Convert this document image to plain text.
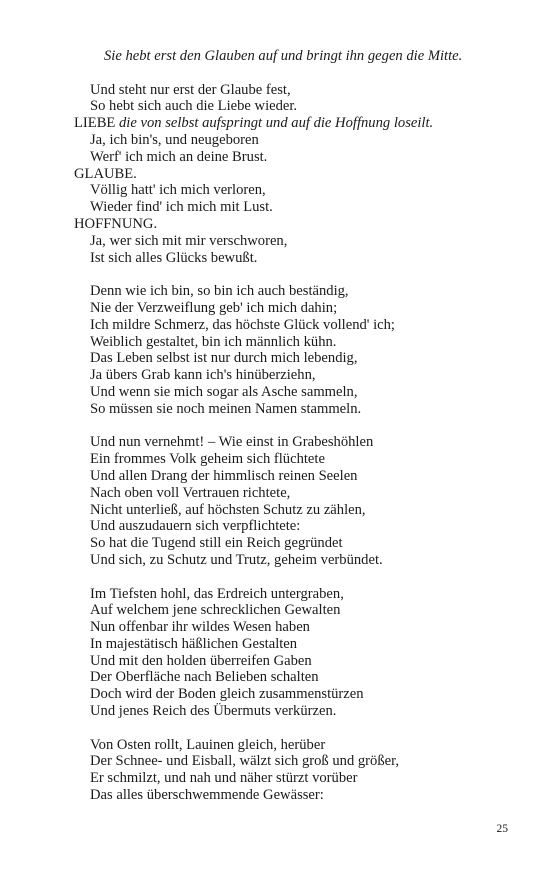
Sie hebt erst den Glauben auf und bringt ihn gegen die Mitte.
Und steht nur erst der Glaube fest,
So hebt sich auch die Liebe wieder.
LIEBE die von selbst aufspringt und auf die Hoffnung loseilt.
Ja, ich bin's, und neugeboren
Werf' ich mich an deine Brust.
GLAUBE.
Völlig hatt' ich mich verloren,
Wieder find' ich mich mit Lust.
HOFFNUNG.
Ja, wer sich mit mir verschworen,
Ist sich alles Glücks bewußt.
Denn wie ich bin, so bin ich auch beständig,
Nie der Verzweiflung geb' ich mich dahin;
Ich mildre Schmerz, das höchste Glück vollend' ich;
Weiblich gestaltet, bin ich männlich kühn.
Das Leben selbst ist nur durch mich lebendig,
Ja übers Grab kann ich's hinüberziehn,
Und wenn sie mich sogar als Asche sammeln,
So müssen sie noch meinen Namen stammeln.
Und nun vernehmt! – Wie einst in Grabeshöhlen
Ein frommes Volk geheim sich flüchtete
Und allen Drang der himmlisch reinen Seelen
Nach oben voll Vertrauen richtete,
Nicht unterließ, auf höchsten Schutz zu zählen,
Und auszudauern sich verpflichtete:
So hat die Tugend still ein Reich gegründet
Und sich, zu Schutz und Trutz, geheim verbündet.
Im Tiefsten hohl, das Erdreich untergraben,
Auf welchem jene schrecklichen Gewalten
Nun offenbar ihr wildes Wesen haben
In majestätisch häßlichen Gestalten
Und mit den holden überreifen Gaben
Der Oberfläche nach Belieben schalten
Doch wird der Boden gleich zusammenstürzen
Und jenes Reich des Übermuts verkürzen.
Von Osten rollt, Lauinen gleich, herüber
Der Schnee- und Eisball, wälzt sich groß und größer,
Er schmilzt, und nah und näher stürzt vorüber
Das alles überschwemmende Gewässer:
25
